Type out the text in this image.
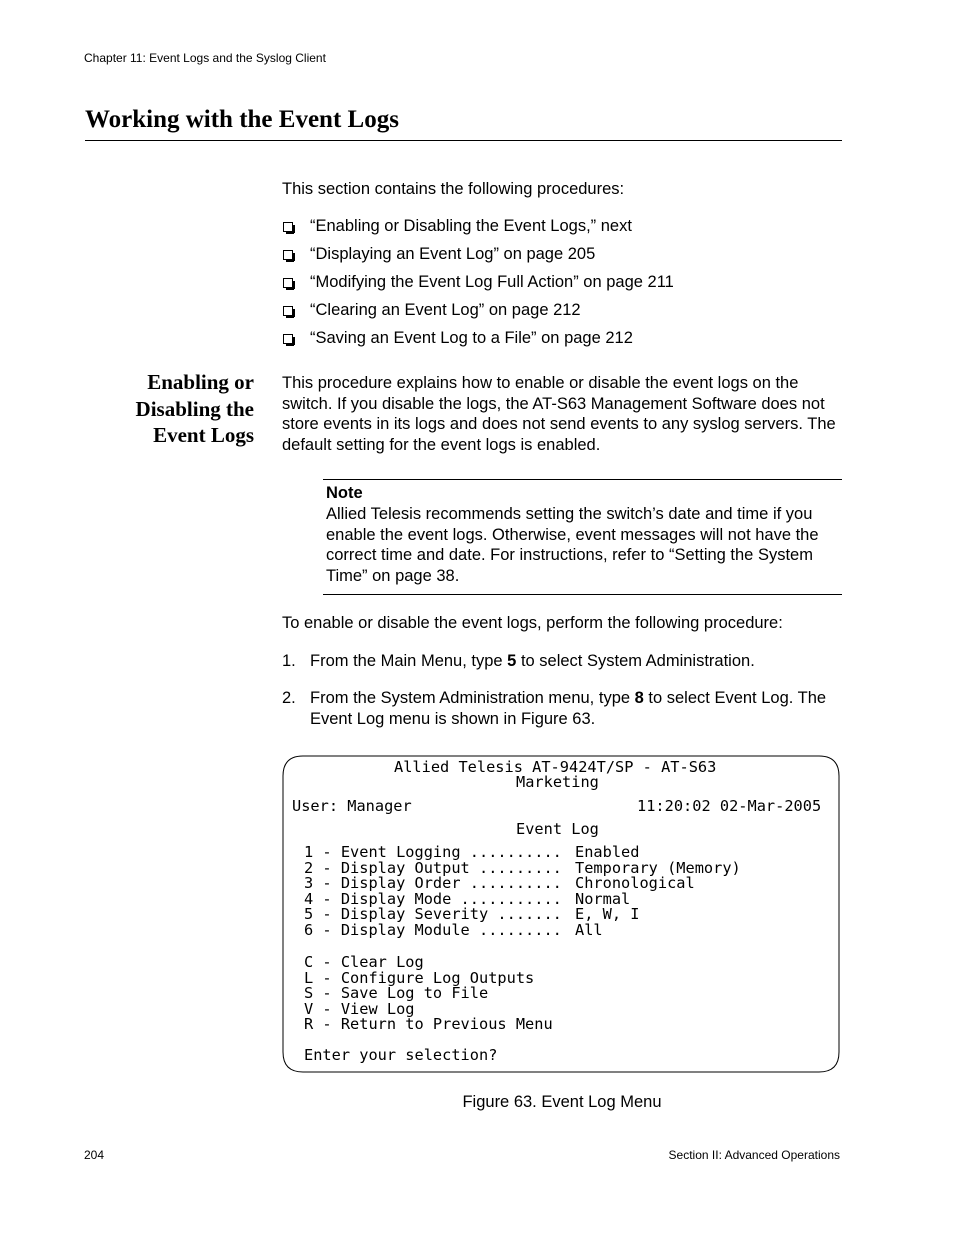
Chapter 11: Event Logs and the Syslog Client
Working with the Event Logs
This section contains the following procedures:
“Enabling or Disabling the Event Logs,” next
“Displaying an Event Log” on page 205
“Modifying the Event Log Full Action” on page 211
“Clearing an Event Log” on page 212
“Saving an Event Log to a File” on page 212
Enabling or
Disabling the
Event Logs
This procedure explains how to enable or disable the event logs on the switch. If you disable the logs, the AT-S63 Management Software does not store events in its logs and does not send events to any syslog servers. The default setting for the event logs is enabled.
Note
Allied Telesis recommends setting the switch’s date and time if you enable the event logs. Otherwise, event messages will not have the correct time and date. For instructions, refer to “Setting the System Time” on page 38.
To enable or disable the event logs, perform the following procedure:
1. From the Main Menu, type 5 to select System Administration.
2. From the System Administration menu, type 8 to select Event Log. The Event Log menu is shown in Figure 63.
Allied Telesis AT-9424T/SP - AT-S63
Marketing
User: Manager	11:20:02 02-Mar-2005
Event Log
1 - Event Logging .......... Enabled
2 - Display Output ......... Temporary (Memory)
3 - Display Order .......... Chronological
4 - Display Mode ........... Normal
5 - Display Severity ....... E, W, I
6 - Display Module ......... All
C - Clear Log
L - Configure Log Outputs
S - Save Log to File
V - View Log
R - Return to Previous Menu
Enter your selection?
Figure 63. Event Log Menu
204	Section II: Advanced Operations
